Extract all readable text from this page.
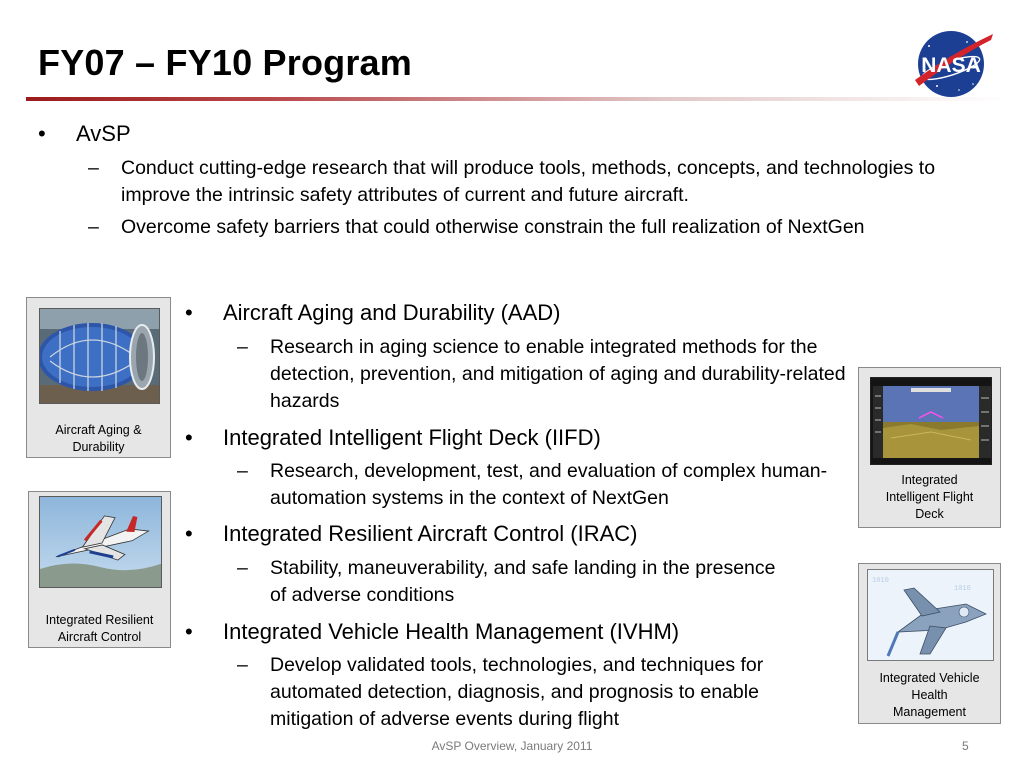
FY07 – FY10 Program	NASA
• AvSP
– Conduct cutting-edge research that will produce tools, methods, concepts, and technologies to improve the intrinsic safety attributes of current and future aircraft.
– Overcome safety barriers that could otherwise constrain the full realization of NextGen
• Aircraft Aging and Durability (AAD)
– Research in aging science to enable integrated methods for the detection, prevention, and mitigation of aging and durability-related hazards
• Integrated Intelligent Flight Deck (IIFD)
– Research, development, test, and evaluation of complex human-automation systems in the context of NextGen
• Integrated Resilient Aircraft Control (IRAC)
– Stability, maneuverability, and safe landing in the presence of adverse conditions
• Integrated Vehicle Health Management (IVHM)
– Develop validated tools, technologies, and techniques for automated detection, diagnosis, and prognosis to enable mitigation of adverse events during flight
Aircraft Aging &
Durability
Integrated Resilient
Aircraft Control
Integrated
Intelligent Flight
Deck
1010
1010
Integrated Vehicle
Health
Management
AvSP Overview, January 2011	5
